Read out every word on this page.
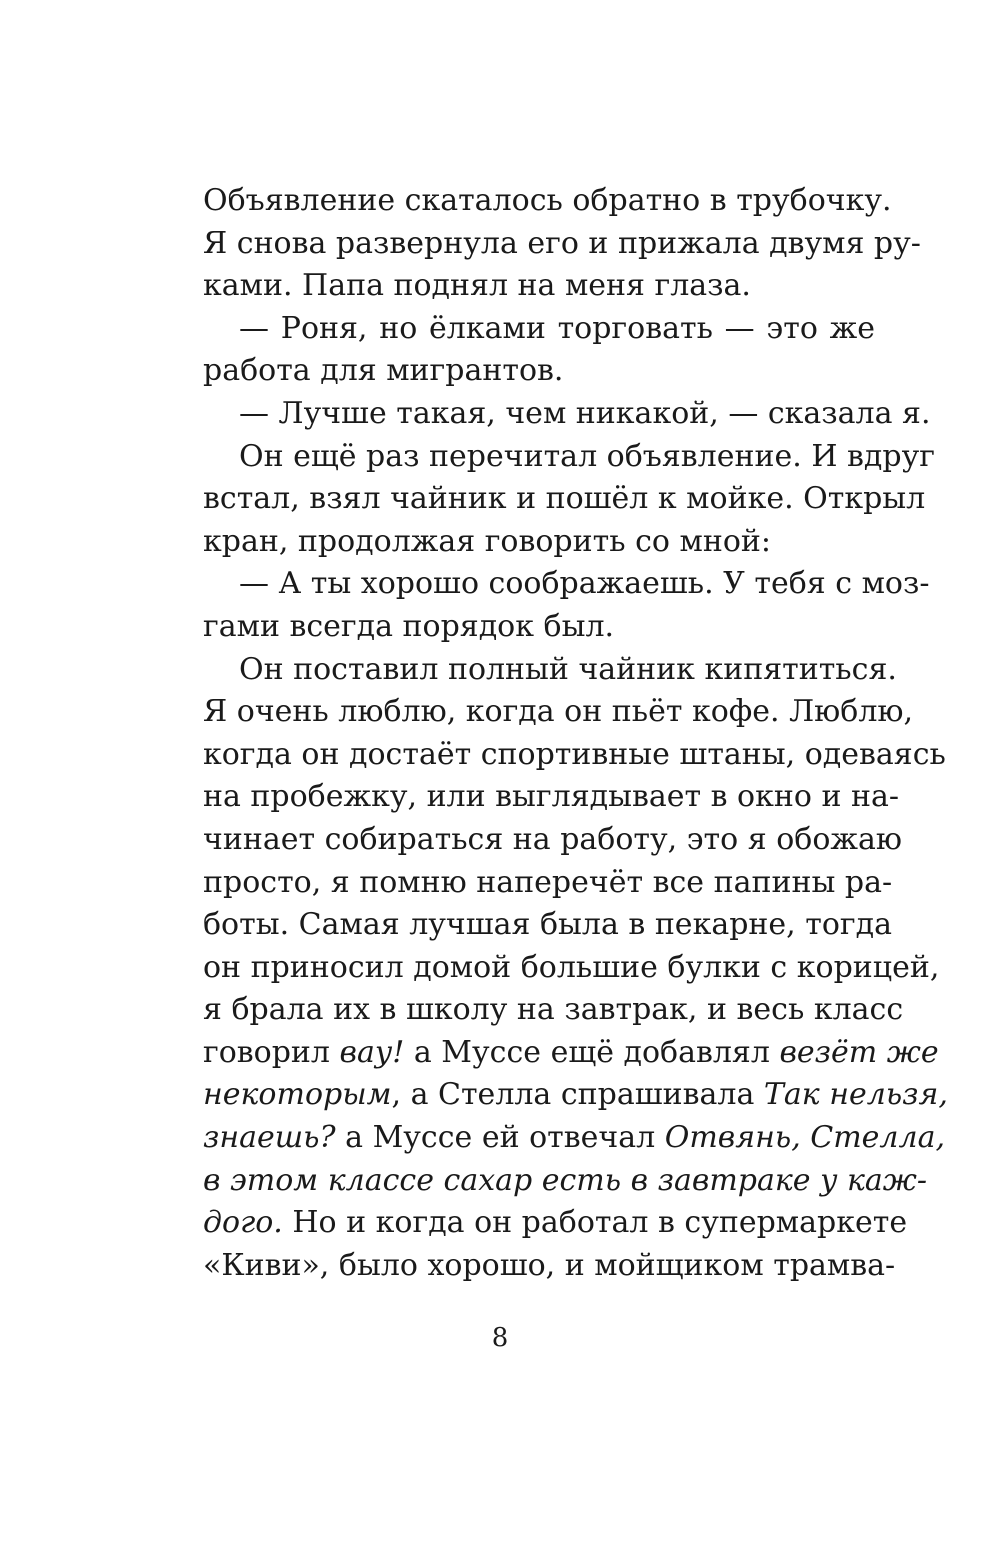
Объявление скаталось обратно в трубочку.
Я снова развернула его и прижала двумя ру-
ками. Папа поднял на меня глаза.
— Роня, но ёлками торговать — это же
работа для мигрантов.
— Лучше такая, чем никакой, — сказала я.
Он ещё раз перечитал объявление. И вдруг
встал, взял чайник и пошёл к мойке. Открыл
кран, продолжая говорить со мной:
— А ты хорошо соображаешь. У тебя с моз-
гами всегда порядок был.
Он поставил полный чайник кипятиться.
Я очень люблю, когда он пьёт кофе. Люблю,
когда он достаёт спортивные штаны, одеваясь
на пробежку, или выглядывает в окно и на-
чинает собираться на работу, это я обожаю
просто, я помню наперечёт все папины ра-
боты. Самая лучшая была в пекарне, тогда
он приносил домой большие булки с корицей,
я брала их в школу на завтрак, и весь класс
говорил вау! а Муссе ещё добавлял везёт же
некоторым, а Стелла спрашивала Так нельзя,
знаешь? а Муссе ей отвечал Отвянь, Стелла,
в этом классе сахар есть в завтраке у каж-
дого. Но и когда он работал в супермаркете
«Киви», было хорошо, и мойщиком трамва-
8
